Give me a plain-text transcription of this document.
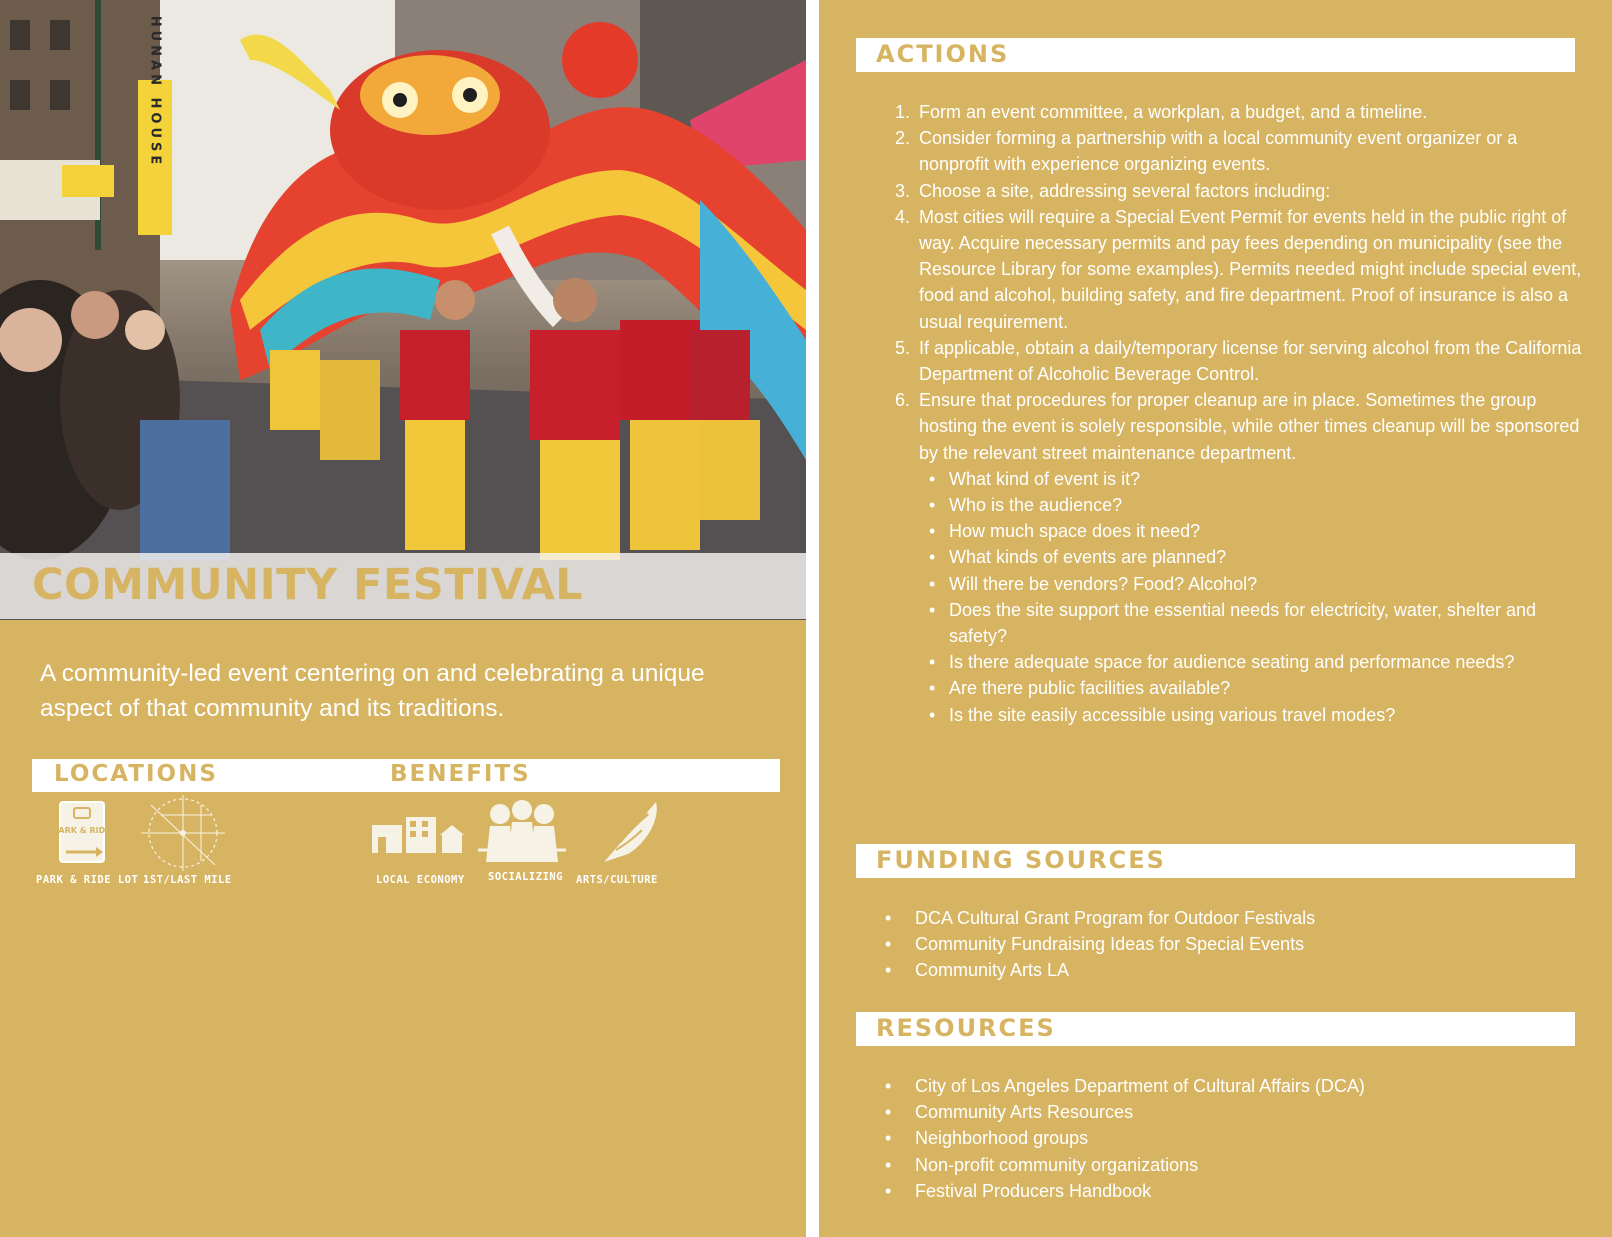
HUNAN HOUSE
COMMUNITY FESTIVAL

A community-led event centering on and celebrating a unique aspect of that community and its traditions.

LOCATIONS	BENEFITS
PARK & RIDE
PARK & RIDE LOT 1ST/LAST MILE	LOCAL ECONOMY SOCIALIZING ARTS/CULTURE
ACTIONS
1. Form an event committee, a workplan, a budget, and a timeline.
2. Consider forming a partnership with a local community event organizer or a nonprofit with experience organizing events.
3. Choose a site, addressing several factors including:
4. Most cities will require a Special Event Permit for events held in the public right of way. Acquire necessary permits and pay fees depending on municipality (see the Resource Library for some examples). Permits needed might include special event, food and alcohol, building safety, and fire department. Proof of insurance is also a usual requirement.
5. If applicable, obtain a daily/temporary license for serving alcohol from the California Department of Alcoholic Beverage Control.
6. Ensure that procedures for proper cleanup are in place. Sometimes the group hosting the event is solely responsible, while other times cleanup will be sponsored by the relevant street maintenance department.
• What kind of event is it?
• Who is the audience?
• How much space does it need?
• What kinds of events are planned?
• Will there be vendors? Food? Alcohol?
• Does the site support the essential needs for electricity, water, shelter and safety?
• Is there adequate space for audience seating and performance needs?
• Are there public facilities available?
• Is the site easily accessible using various travel modes?
FUNDING SOURCES
• DCA Cultural Grant Program for Outdoor Festivals
• Community Fundraising Ideas for Special Events
• Community Arts LA
RESOURCES
• City of Los Angeles Department of Cultural Affairs (DCA)
• Community Arts Resources
• Neighborhood groups
• Non-profit community organizations
• Festival Producers Handbook
